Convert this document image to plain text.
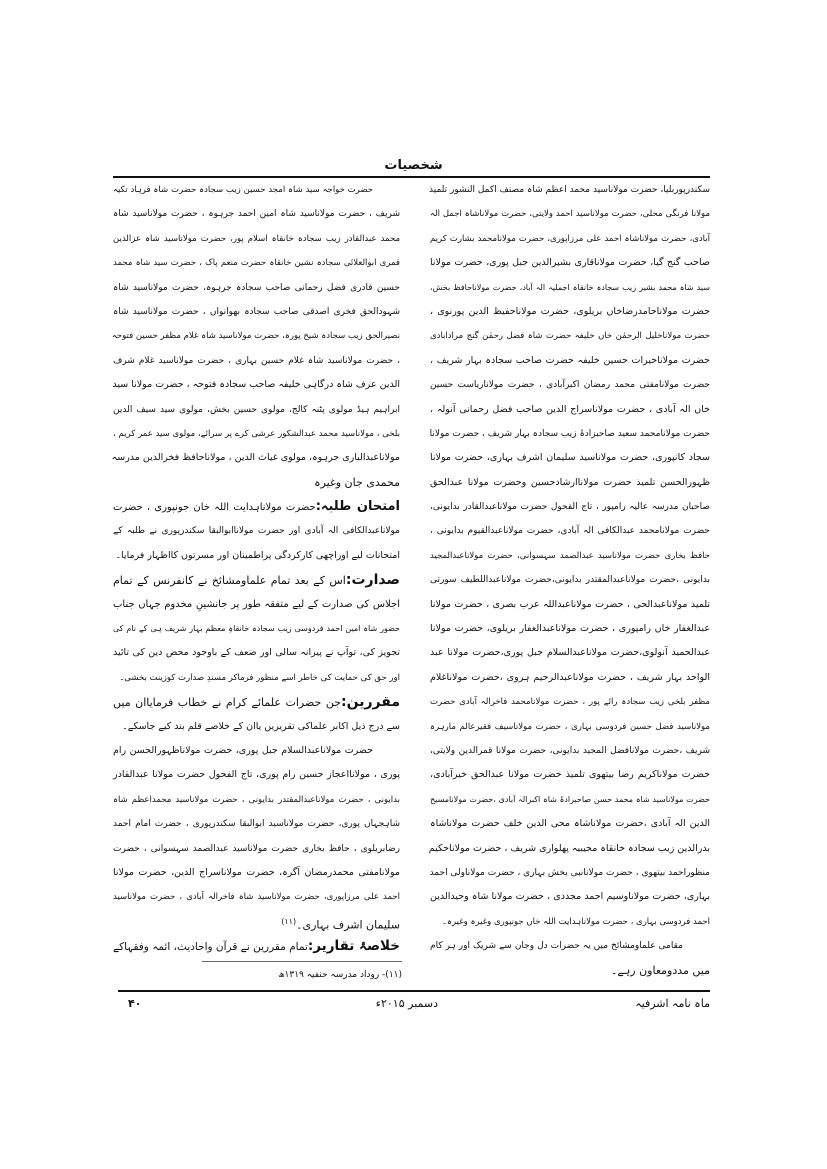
شخصیات
سکندرپوربلیا، حضرت مولاناسید محمد اعظم شاہ مصنف اکمل النشور تلمیذ
مولانا فرنگی محلی، حضرت مولاناسید احمد ولایتی، حضرت مولاناشاہ اجمل الہ
آبادی، حضرت مولاناشاہ احمد علی مرزاپوری، حضرت مولانامحمد بشارت کریم
صاحب گنج گیا، حضرت مولاناقاری بشیرالدین جبل پوری، حضرت مولانا
سید شاہ محمد بشیر زیب سجادہ خانقاہ اجملیہ الہ آباد، حضرت مولاناحافظ بخش،
حضرت مولاناحامدرضاخاں بریلوی، حضرت مولاناحفیظ الدین پورنوی ،
حضرت مولاناخلیل الرحمٰن خاں خلیفہ حضرت شاہ فضل رحمٰن گنج مرادابادی
حضرت مولاناخیرات حسین خلیفہ حضرت صاحب سجادہ بہار شریف ،
حضرت مولانامفتی محمد رمضان اکبرآبادی ، حضرت مولاناریاست حسین
خاں الہ آبادی ، حضرت مولاناسراج الدین صاحب فضل رحمانی آنولہ ،
حضرت مولانامحمد سعید صاحبزادۂ زیب سجادہ بہار شریف ، حضرت مولانا
سجاد کانپوری، حضرت مولاناسید سلیمان اشرف بہاری، حضرت مولانا
ظہورالحسن تلمیذ حضرت مولاناارشادحسین وحضرت مولانا عبدالحق
صاحبان مدرسہ عالیہ رامپور ، تاج الفحول حضرت مولاناعبدالقادر بدایونی،
حضرت مولانامحمد عبدالکافی الہ آبادی، حضرت مولاناعبدالقیوم بدایونی ،
حافظ بخاری حضرت مولاناسید عبدالصمد سہسوانی، حضرت مولاناعبدالمجید
بدایونی ،حضرت مولاناعبدالمقتدر بدایونی،حضرت مولاناعبداللطیف سورتی
تلمیذ مولاناعبدالحی ، حضرت مولاناعبداللہ عرب بصری ، حضرت مولانا
عبدالغفار خاں رامپوری ، حضرت مولاناعبدالغفار بریلوی، حضرت مولانا
عبدالحمید آنولوی،حضرت مولاناعبدالسلام جبل پوری،حضرت مولانا عبد
الواحد بہار شریف ، حضرت مولاناعبدالرحیم ہروی ،حضرت مولاناغلام
مظفر بلخی زیب سجادہ رائے پور ، حضرت مولانامحمد فاخرالہ آبادی حضرت
مولاناسید فضل حسین فردوسی بہاری ، حضرت مولاناسیف فقیرعالم مارہرہ
شریف ،حضرت مولانافضل المجید بدایونی، حضرت مولانا قمرالدین ولایتی،
حضرت مولاناکریم رضا بیتھوی تلمیذ حضرت مولانا عبدالحق خیرآبادی،
حضرت مولاناسید شاہ محمد حسن صاحبزادۂ شاہ اکبرالہ آبادی ،حضرت مولانامسیح
الدین الہ آبادی ،حضرت مولاناشاہ محی الدین خلف حضرت مولاناشاہ
بدرالدین زیب سجادہ خانقاہ مجیبیہ پھلواری شریف ، حضرت مولاناحکیم
منظوراحمد بیتھوی ، حضرت مولانانبی بخش بہاری ، حضرت مولاناولی احمد
بہاری، حضرت مولاناوسیم احمد مجددی ، حضرت مولانا شاہ وحیدالدین
احمد فردوسی بہاری ، حضرت مولاناہدایت اللہ خاں جونپوری وغیرہ وغیرہ۔
مقامی علماومشائخ میں یہ حضرات دل وجان سے شریک اور ہر کام
میں مددومعاون رہے۔
حضرت خواجہ سید شاہ امجد حسین زیب سجادہ حضرت شاہ فرہاد تکیہ
شریف ، حضرت مولاناسید شاہ امین احمد جرہوہ ، حضرت مولاناسید شاہ
محمد عبدالقادر زیب سجادہ خانقاہ اسلام پور، حضرت مولاناسید شاہ عزالدین
قمری ابوالعلائی سجادہ نشین خانقاہ حضرت منعم پاک ، حضرت سید شاہ محمد
حسین قادری فضل رحمانی صاحب سجادہ جرہوہ، حضرت مولاناسید شاہ
شہودالحق فخری اصدقی صاحب سجادہ بھوانواں ، حضرت مولاناسید شاہ
نصیرالحق زیب سجادہ شیخ پورہ، حضرت مولاناسید شاہ غلام مظفر حسین فتوحہ
، حضرت مولاناسید شاہ غلام حسین بہاری ، حضرت مولاناسید غلام شرف
الدین عرف شاہ درگاہی خلیفہ صاحب سجادہ فتوحہ ، حضرت مولانا سید
ابراہیم ہیڈ مولوی پٹنہ کالج، مولوی حسین بخش، مولوی سید سیف الدین
بلخی ، مولاناسید محمد عبدالشکور عرشی کرے پر سرائے، مولوی سید عمر کریم ،
مولاناعبدالباری جرہوہ، مولوی غیاث الدین ، مولاناحافظ فخرالدین مدرسہ
محمدی جان وغیرہ
امتحان طلبہ:حضرت مولاناہدایت اللہ خان جونپوری ، حضرت
مولاناعبدالکافی الہ آبادی اور حضرت مولاناابوالبقا سکندرپوری نے طلبہ کے
امتحانات لیے اوراچھی کارکردگی پراطمینان اور مسرتوں کااظہار فرمایا۔
صدارت:اس کے بعد تمام علماومشائخ نے کانفرنس کے تمام
اجلاس کی صدارت کے لیے متفقہ طور پر جانشینِ مخدوم جہاں جناب
حضور شاہ امین احمد فردوسی زیب سجادہ خانقاہِ معظم بہار شریف ہی کے نام کی
تجویز کی، توآپ نے پیرانہ سالی اور ضعف کے باوجود محض دین کی تائید
اور حق کی حمایت کی خاطر اسے منظور فرماکر مسندِ صدارت کوزینت بخشی۔
مقررین:جن حضرات علمائے کرام نے خطاب فرمایاان میں
سے درج ذیل اکابر علماکی تقریریں یاان کے خلاصے قلم بند کیے جاسکے۔
حضرت مولاناعبدالسلام جبل پوری، حضرت مولاناظہورالحسن رام
پوری ، مولانااعجاز حسین رام پوری، تاج الفحول حضرت مولانا عبدالقادر
بدایونی ، حضرت مولاناعبدالمقتدر بدایونی ، حضرت مولاناسید محمداعظم شاہ
شاہجہاں پوری، حضرت مولاناسید ابوالبقا سکندرپوری ، حضرت امام احمد
رضابریلوی ، حافظ بخاری حضرت مولاناسید عبدالصمد سہسوانی ، حضرت
مولانامفتی محمدرمضان آگرہ، حضرت مولاناسراج الدین، حضرت مولانا
احمد علی مرزاپوری، حضرت مولاناسید شاہ فاخرالہ آبادی ، حضرت مولاناسید
سلیمان اشرف بہاری۔$^{(۱۱)}$
خلاصۂ تقاریر:تمام مقررین نے قرآن واحادیث، ائمہ وفقہاکے
(۱۱)- روداد مدرسہ حنفیہ ۱۳۱۹ھ
ماہ نامہ اشرفیہ
دسمبر ۲۰۱۵ء
۴۰
